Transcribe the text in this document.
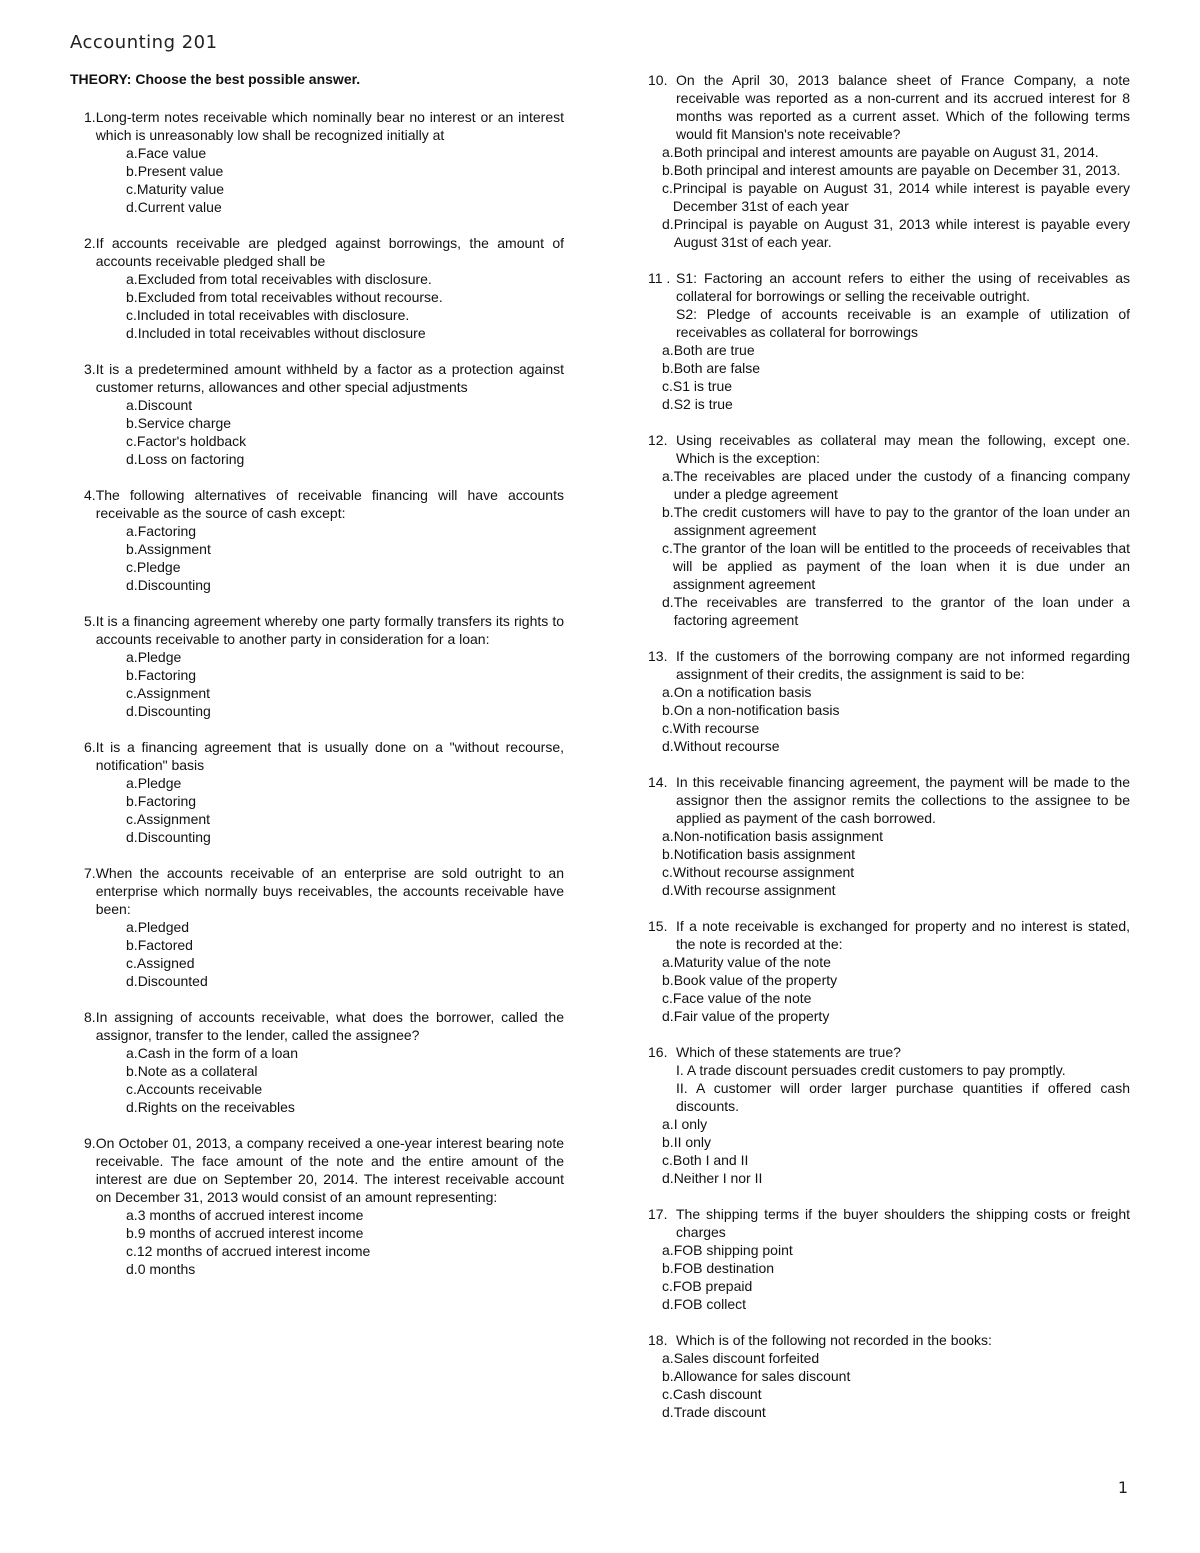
Accounting 201
THEORY: Choose the best possible answer.
1. Long-term notes receivable which nominally bear no interest or an interest which is unreasonably low shall be recognized initially at
a. Face value
b. Present value
c. Maturity value
d. Current value
2. If accounts receivable are pledged against borrowings, the amount of accounts receivable pledged shall be
a. Excluded from total receivables with disclosure.
b. Excluded from total receivables without recourse.
c. Included in total receivables with disclosure.
d. Included in total receivables without disclosure
3. It is a predetermined amount withheld by a factor as a protection against customer returns, allowances and other special adjustments
a. Discount
b. Service charge
c. Factor's holdback
d. Loss on factoring
4. The following alternatives of receivable financing will have accounts receivable as the source of cash except:
a. Factoring
b. Assignment
c. Pledge
d. Discounting
5. It is a financing agreement whereby one party formally transfers its rights to accounts receivable to another party in consideration for a loan:
a. Pledge
b. Factoring
c. Assignment
d. Discounting
6. It is a financing agreement that is usually done on a "without recourse, notification" basis
a. Pledge
b. Factoring
c. Assignment
d. Discounting
7. When the accounts receivable of an enterprise are sold outright to an enterprise which normally buys receivables, the accounts receivable have been:
a. Pledged
b. Factored
c. Assigned
d. Discounted
8. In assigning of accounts receivable, what does the borrower, called the assignor, transfer to the lender, called the assignee?
a. Cash in the form of a loan
b. Note as a collateral
c. Accounts receivable
d. Rights on the receivables
9. On October 01, 2013, a company received a one-year interest bearing note receivable. The face amount of the note and the entire amount of the interest are due on September 20, 2014. The interest receivable account on December 31, 2013 would consist of an amount representing:
a. 3 months of accrued interest income
b. 9 months of accrued interest income
c. 12 months of accrued interest income
d. 0 months
10. On the April 30, 2013 balance sheet of France Company, a note receivable was reported as a non-current and its accrued interest for 8 months was reported as a current asset. Which of the following terms would fit Mansion's note receivable?
a. Both principal and interest amounts are payable on August 31, 2014.
b. Both principal and interest amounts are payable on December 31, 2013.
c. Principal is payable on August 31, 2014 while interest is payable every December 31st of each year
d. Principal is payable on August 31, 2013 while interest is payable every August 31st of each year.
11 . S1: Factoring an account refers to either the using of receivables as collateral for borrowings or selling the receivable outright.
S2: Pledge of accounts receivable is an example of utilization of receivables as collateral for borrowings
a. Both are true
b. Both are false
c. S1 is true
d. S2 is true
12. Using receivables as collateral may mean the following, except one. Which is the exception:
a. The receivables are placed under the custody of a financing company under a pledge agreement
b. The credit customers will have to pay to the grantor of the loan under an assignment agreement
c. The grantor of the loan will be entitled to the proceeds of receivables that will be applied as payment of the loan when it is due under an assignment agreement
d. The receivables are transferred to the grantor of the loan under a factoring agreement
13. If the customers of the borrowing company are not informed regarding assignment of their credits, the assignment is said to be:
a. On a notification basis
b. On a non-notification basis
c. With recourse
d. Without recourse
14. In this receivable financing agreement, the payment will be made to the assignor then the assignor remits the collections to the assignee to be applied as payment of the cash borrowed.
a. Non-notification basis assignment
b. Notification basis assignment
c. Without recourse assignment
d. With recourse assignment
15. If a note receivable is exchanged for property and no interest is stated, the note is recorded at the:
a. Maturity value of the note
b. Book value of the property
c. Face value of the note
d. Fair value of the property
16. Which of these statements are true?
I. A trade discount persuades credit customers to pay promptly.
II. A customer will order larger purchase quantities if offered cash discounts.
a. I only
b. II only
c. Both I and II
d. Neither I nor II
17. The shipping terms if the buyer shoulders the shipping costs or freight charges
a. FOB shipping point
b. FOB destination
c. FOB prepaid
d. FOB collect
18. Which is of the following not recorded in the books:
a. Sales discount forfeited
b. Allowance for sales discount
c. Cash discount
d. Trade discount
1
